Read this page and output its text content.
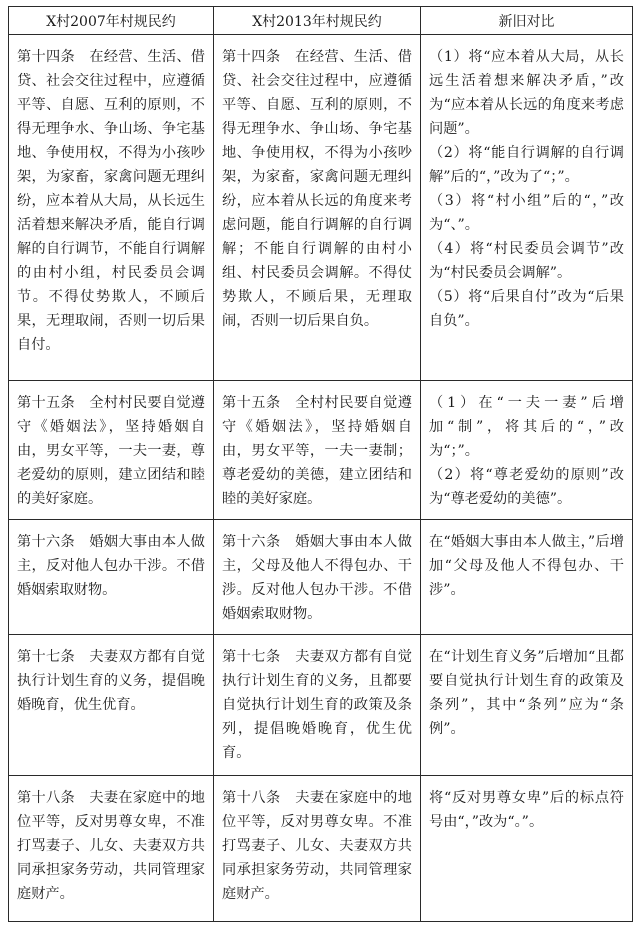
X村2007年村规民约	X村2013年村规民约	新旧对比
第十四条　在经营、生活、借贷、社会交往过程中，应遵循平等、自愿、互利的原则，不得无理争水、争山场、争宅基地、争使用权，不得为小孩吵架，为家畜，家禽问题无理纠纷，应本着从大局，从长远生活着想来解决矛盾，能自行调解的自行调节，不能自行调解的由村小组，村民委员会调节。不得仗势欺人，不顾后果，无理取闹，否则一切后果自付。	第十四条　在经营、生活、借贷、社会交往过程中，应遵循平等、自愿、互利的原则，不得无理争水、争山场、争宅基地、争使用权，不得为小孩吵架，为家畜，家禽问题无理纠纷，应本着从长远的角度来考虑问题，能自行调解的自行调解；不能自行调解的由村小组、村民委员会调解。不得仗势欺人，不顾后果，无理取闹，否则一切后果自负。	（1）将“应本着从大局，从长远生活着想来解决矛盾，”改为“应本着从长远的角度来考虑问题”。
（2）将“能自行调解的自行调解”后的“，”改为了“；”。
（3）将“村小组”后的“，”改为“、”。
（4）将“村民委员会调节”改为“村民委员会调解”。
（5）将“后果自付”改为“后果自负”。

第十五条　全村村民要自觉遵守《婚姻法》，坚持婚姻自由，男女平等，一夫一妻，尊老爱幼的原则，建立团结和睦的美好家庭。	第十五条　全村村民要自觉遵守《婚姻法》，坚持婚姻自由，男女平等，一夫一妻制；尊老爱幼的美德，建立团结和睦的美好家庭。	（1）在“一夫一妻”后增加“制”，将其后的“，”改为“；”。
（2）将“尊老爱幼的原则”改为“尊老爱幼的美德”。

第十六条　婚姻大事由本人做主，反对他人包办干涉。不借婚姻索取财物。	第十六条　婚姻大事由本人做主，父母及他人不得包办、干涉。反对他人包办干涉。不借婚姻索取财物。	在“婚姻大事由本人做主，”后增加“父母及他人不得包办、干涉”。

第十七条　夫妻双方都有自觉执行计划生育的义务，提倡晚婚晚育，优生优育。	第十七条　夫妻双方都有自觉执行计划生育的义务，且都要自觉执行计划生育的政策及条列，提倡晚婚晚育，优生优育。	在“计划生育义务”后增加“且都要自觉执行计划生育的政策及条列”，其中“条列”应为“条例”。

第十八条　夫妻在家庭中的地位平等，反对男尊女卑，不准打骂妻子、儿女、夫妻双方共同承担家务劳动，共同管理家庭财产。	第十八条　夫妻在家庭中的地位平等，反对男尊女卑。不准打骂妻子、儿女、夫妻双方共同承担家务劳动，共同管理家庭财产。	将“反对男尊女卑”后的标点符号由“，”改为“。”。
